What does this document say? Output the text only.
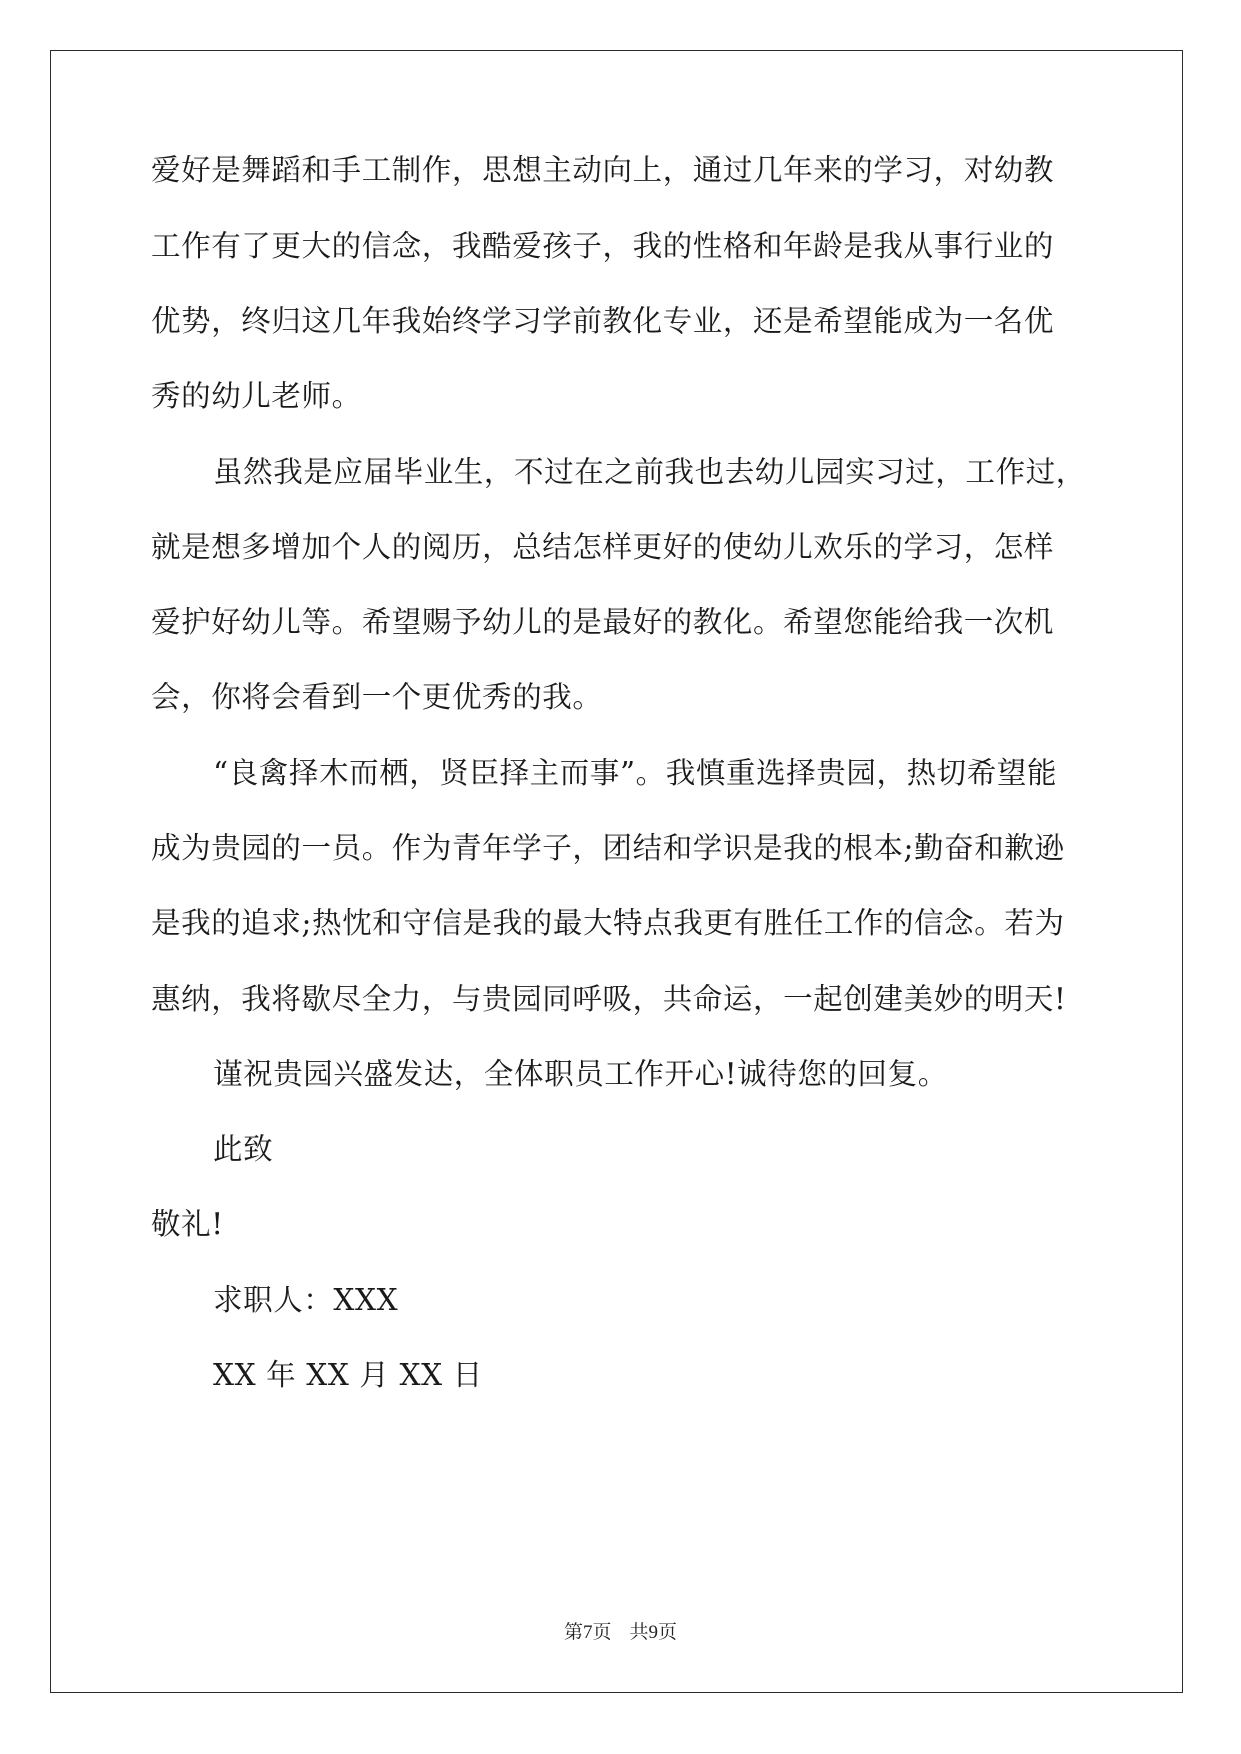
爱好是舞蹈和手工制作，思想主动向上，通过几年来的学习，对幼教
工作有了更大的信念，我酷爱孩子，我的性格和年龄是我从事行业的
优势，终归这几年我始终学习学前教化专业，还是希望能成为一名优
秀的幼儿老师。
虽然我是应届毕业生，不过在之前我也去幼儿园实习过，工作过，
就是想多增加个人的阅历，总结怎样更好的使幼儿欢乐的学习，怎样
爱护好幼儿等。希望赐予幼儿的是最好的教化。希望您能给我一次机
会，你将会看到一个更优秀的我。
“良禽择木而栖，贤臣择主而事”。我慎重选择贵园，热切希望能
成为贵园的一员。作为青年学子，团结和学识是我的根本;勤奋和歉逊
是我的追求;热忱和守信是我的最大特点我更有胜任工作的信念。若为
惠纳，我将歇尽全力，与贵园同呼吸，共命运，一起创建美妙的明天!
谨祝贵园兴盛发达，全体职员工作开心!诚待您的回复。
此致
敬礼!
求职人：XXX
XX 年 XX 月 XX 日
第7页 共9页
